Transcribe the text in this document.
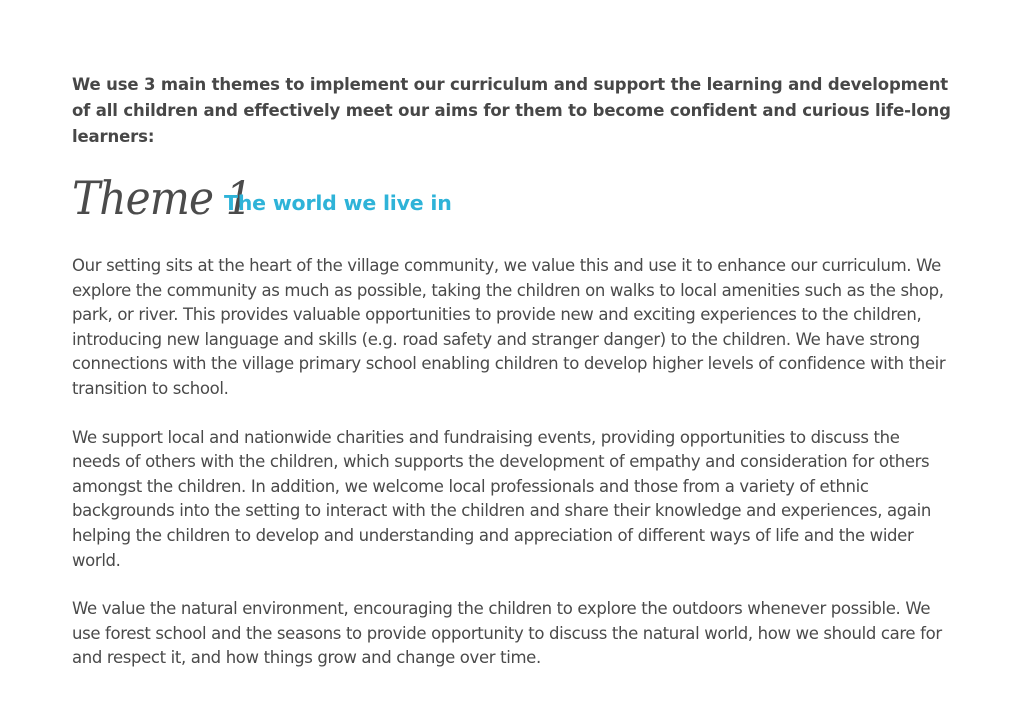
We use 3 main themes to implement our curriculum and support the learning and development of all children and effectively meet our aims for them to become confident and curious life-long learners:

Theme 1
The world we live in

Our setting sits at the heart of the village community, we value this and use it to enhance our curriculum. We explore the community as much as possible, taking the children on walks to local amenities such as the shop, park, or river. This provides valuable opportunities to provide new and exciting experiences to the children, introducing new language and skills (e.g. road safety and stranger danger) to the children. We have strong connections with the village primary school enabling children to develop higher levels of confidence with their transition to school.

We support local and nationwide charities and fundraising events, providing opportunities to discuss the needs of others with the children, which supports the development of empathy and consideration for others amongst the children. In addition, we welcome local professionals and those from a variety of ethnic backgrounds into the setting to interact with the children and share their knowledge and experiences, again helping the children to develop and understanding and appreciation of different ways of life and the wider world.

We value the natural environment, encouraging the children to explore the outdoors whenever possible. We use forest school and the seasons to provide opportunity to discuss the natural world, how we should care for and respect it, and how things grow and change over time.
